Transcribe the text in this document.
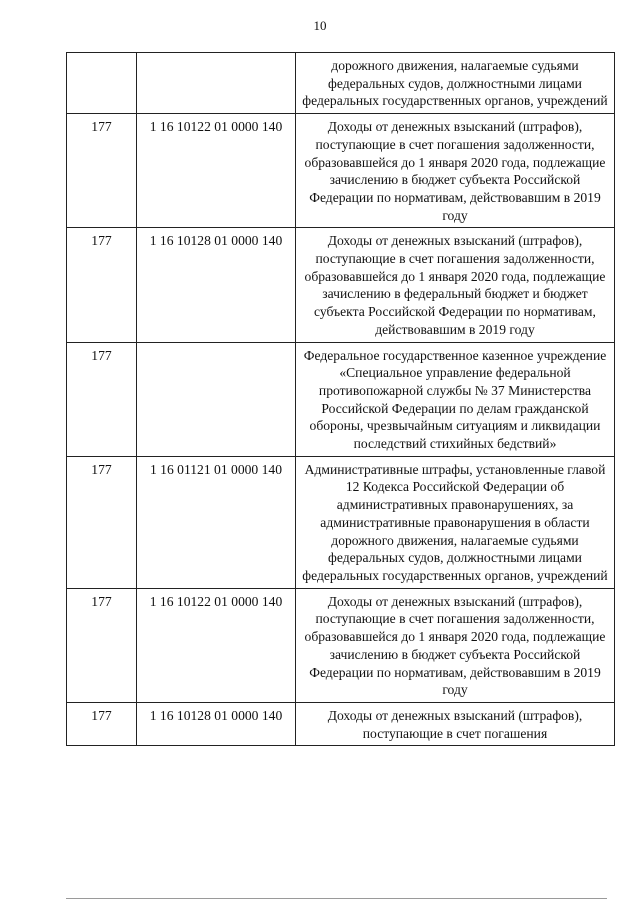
10
		дорожного движения, налагаемые судьями федеральных судов, должностными лицами федеральных государственных органов, учреждений
177	1 16 10122 01 0000 140	Доходы от денежных взысканий (штрафов), поступающие в счет погашения задолженности, образовавшейся до 1 января 2020 года, подлежащие зачислению в бюджет субъекта Российской Федерации по нормативам, действовавшим в 2019 году
177	1 16 10128 01 0000 140	Доходы от денежных взысканий (штрафов), поступающие в счет погашения задолженности, образовавшейся до 1 января 2020 года, подлежащие зачислению в федеральный бюджет и бюджет субъекта Российской Федерации по нормативам, действовавшим в 2019 году
177		Федеральное государственное казенное учреждение «Специальное управление федеральной противопожарной службы № 37 Министерства Российской Федерации по делам гражданской обороны, чрезвычайным ситуациям и ликвидации последствий стихийных бедствий»
177	1 16 01121 01 0000 140	Административные штрафы, установленные главой 12 Кодекса Российской Федерации об административных правонарушениях, за административные правонарушения в области дорожного движения, налагаемые судьями федеральных судов, должностными лицами федеральных государственных органов, учреждений
177	1 16 10122 01 0000 140	Доходы от денежных взысканий (штрафов), поступающие в счет погашения задолженности, образовавшейся до 1 января 2020 года, подлежащие зачислению в бюджет субъекта Российской Федерации по нормативам, действовавшим в 2019 году
177	1 16 10128 01 0000 140	Доходы от денежных взысканий (штрафов), поступающие в счет погашения
